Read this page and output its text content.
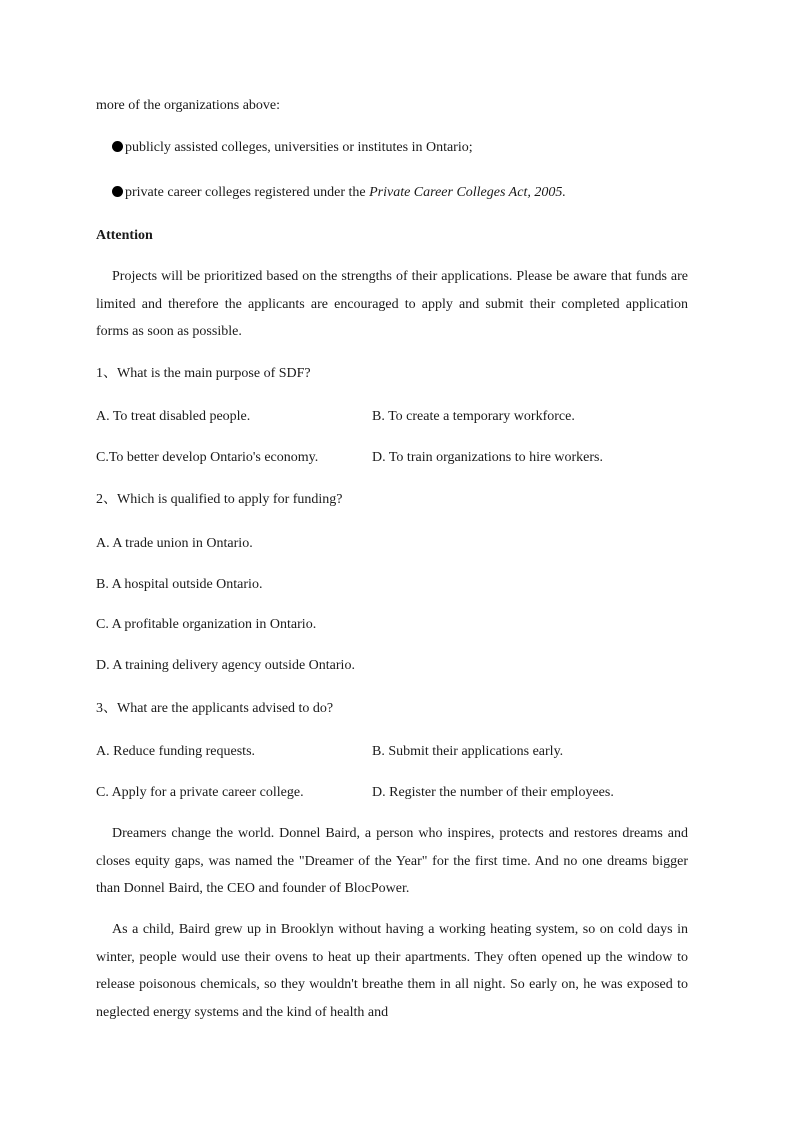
more of the organizations above:
publicly assisted colleges, universities or institutes in Ontario;
private career colleges registered under the Private Career Colleges Act, 2005.
Attention
Projects will be prioritized based on the strengths of their applications. Please be aware that funds are limited and therefore the applicants are encouraged to apply and submit their completed application forms as soon as possible.
1、What is the main purpose of SDF?
A. To treat disabled people.	B. To create a temporary workforce.
C.To better develop Ontario's economy.	D. To train organizations to hire workers.
2、Which is qualified to apply for funding?
A. A trade union in Ontario.
B. A hospital outside Ontario.
C. A profitable organization in Ontario.
D. A training delivery agency outside Ontario.
3、What are the applicants advised to do?
A. Reduce funding requests.	B. Submit their applications early.
C. Apply for a private career college.	D. Register the number of their employees.
Dreamers change the world. Donnel Baird, a person who inspires, protects and restores dreams and closes equity gaps, was named the "Dreamer of the Year" for the first time. And no one dreams bigger than Donnel Baird, the CEO and founder of BlocPower.
As a child, Baird grew up in Brooklyn without having a working heating system, so on cold days in winter, people would use their ovens to heat up their apartments. They often opened up the window to release poisonous chemicals, so they wouldn't breathe them in all night. So early on, he was exposed to neglected energy systems and the kind of health and
